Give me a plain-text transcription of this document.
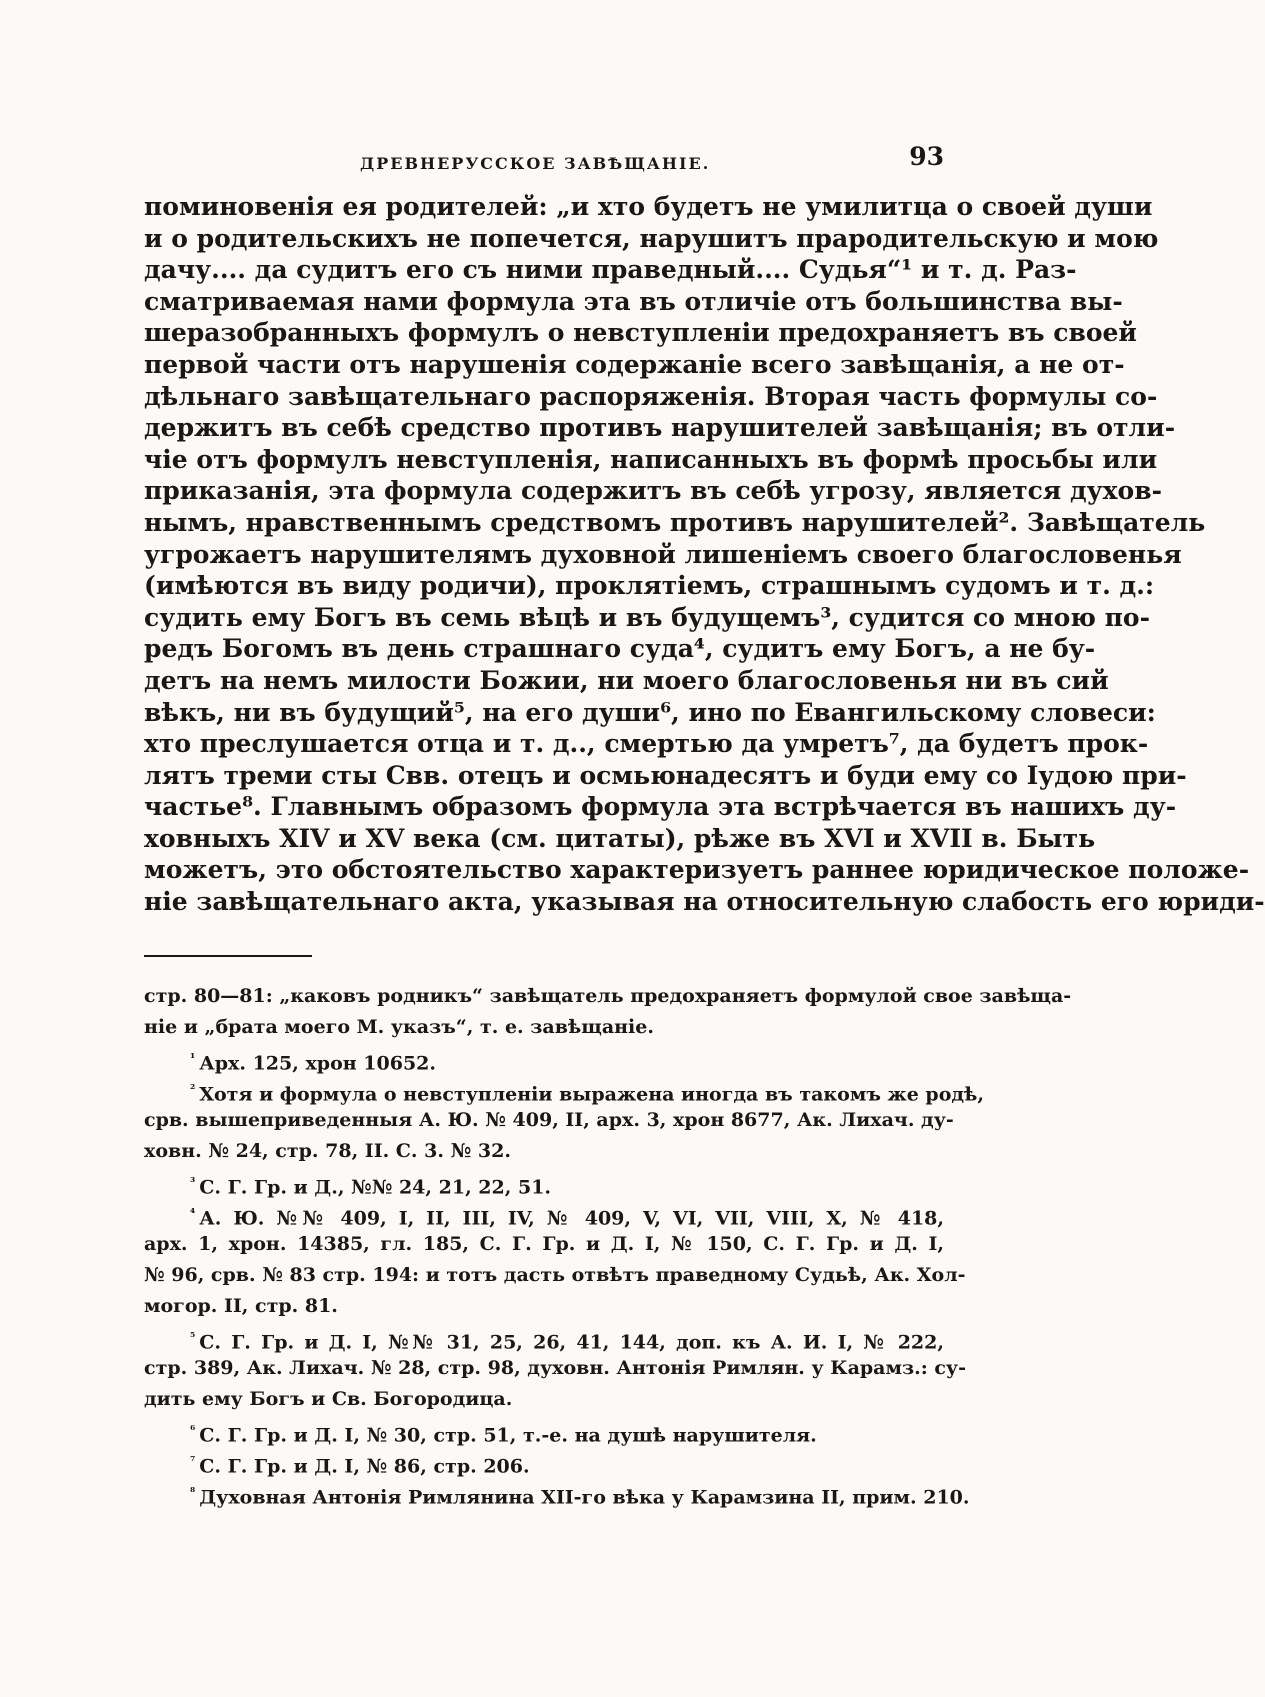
ДРЕВНЕРУССКОЕ ЗАВѢЩАНІЕ.	93
поминовенія ея родителей: „и хто будетъ не умилитца о своей души
и о родительскихъ не попечется, нарушитъ прародительскую и мою
дачу.... да судитъ его съ ними праведный.... Судья“¹ и т. д. Раз-
сматриваемая нами формула эта въ отличіе отъ большинства вы-
шеразобранныхъ формулъ о невступленіи предохраняетъ въ своей
первой части отъ нарушенія содержаніе всего завѣщанія, а не от-
дѣльнаго завѣщательнаго распоряженія. Вторая часть формулы со-
держитъ въ себѣ средство противъ нарушителей завѣщанія; въ отли-
чіе отъ формулъ невступленія, написанныхъ въ формѣ просьбы или
приказанія, эта формула содержитъ въ себѣ угрозу, является духов-
нымъ, нравственнымъ средствомъ противъ нарушителей². Завѣщатель
угрожаетъ нарушителямъ духовной лишеніемъ своего благословенья
(имѣются въ виду родичи), проклятіемъ, страшнымъ судомъ и т. д.:
судить ему Богъ въ семь вѣцѣ и въ будущемъ³, судится со мною по-
редъ Богомъ въ день страшнаго суда⁴, судитъ ему Богъ, а не бу-
детъ на немъ милости Божии, ни моего благословенья ни въ сий
вѣкъ, ни въ будущий⁵, на его души⁶, ино по Евангильскому словеси:
хто преслушается отца и т. д.., смертью да умретъ⁷, да будетъ прок-
лятъ треми сты Свв. отецъ и осмьюнадесятъ и буди ему со Іудою при-
частье⁸. Главнымъ образомъ формула эта встрѣчается въ нашихъ ду-
ховныхъ XIV и XV века (см. цитаты), рѣже въ XVI и XVII в. Быть
можетъ, это обстоятельство характеризуетъ раннее юридическое положе-
ніе завѣщательнаго акта, указывая на относительную слабость его юриди-
стр. 80—81: „каковъ родникъ“ завѣщатель предохраняетъ формулой свое завѣща-
ніе и „брата моего М. указъ“, т. е. завѣщаніе.
$^{^1}$ Арх. 125, хрон 10652.
$^{^2}$ Хотя и формула о невступленіи выражена иногда въ такомъ же родѣ,
срв. вышеприведенныя А. Ю. № 409, II, арх. 3, хрон 8677, Ак. Лихач. ду-
ховн. № 24, стр. 78, II. С. 3. № 32.
$^{^3}$ С. Г. Гр. и Д., №№ 24, 21, 22, 51.
$^{^4}$ А. Ю. №№ 409, I, II, III, IV, № 409, V, VI, VII, VIII, X, № 418,
арх. 1, хрон. 14385, гл. 185, С. Г. Гр. и Д. I, № 150, С. Г. Гр. и Д. I,
№ 96, срв. № 83 стр. 194: и тотъ дасть отвѣтъ праведному Судьѣ, Ак. Хол-
могор. II, стр. 81.
$^{^5}$ С. Г. Гр. и Д. I, №№ 31, 25, 26, 41, 144, доп. къ А. И. I, № 222,
стр. 389, Ак. Лихач. № 28, стр. 98, духовн. Антонія Римлян. у Карамз.: су-
дить ему Богъ и Св. Богородица.
$^{^6}$ С. Г. Гр. и Д. I, № 30, стр. 51, т.-е. на душѣ нарушителя.
$^{^7}$ С. Г. Гр. и Д. I, № 86, стр. 206.
$^{^8}$ Духовная Антонія Римлянина XII-го вѣка у Карамзина II, прим. 210.
